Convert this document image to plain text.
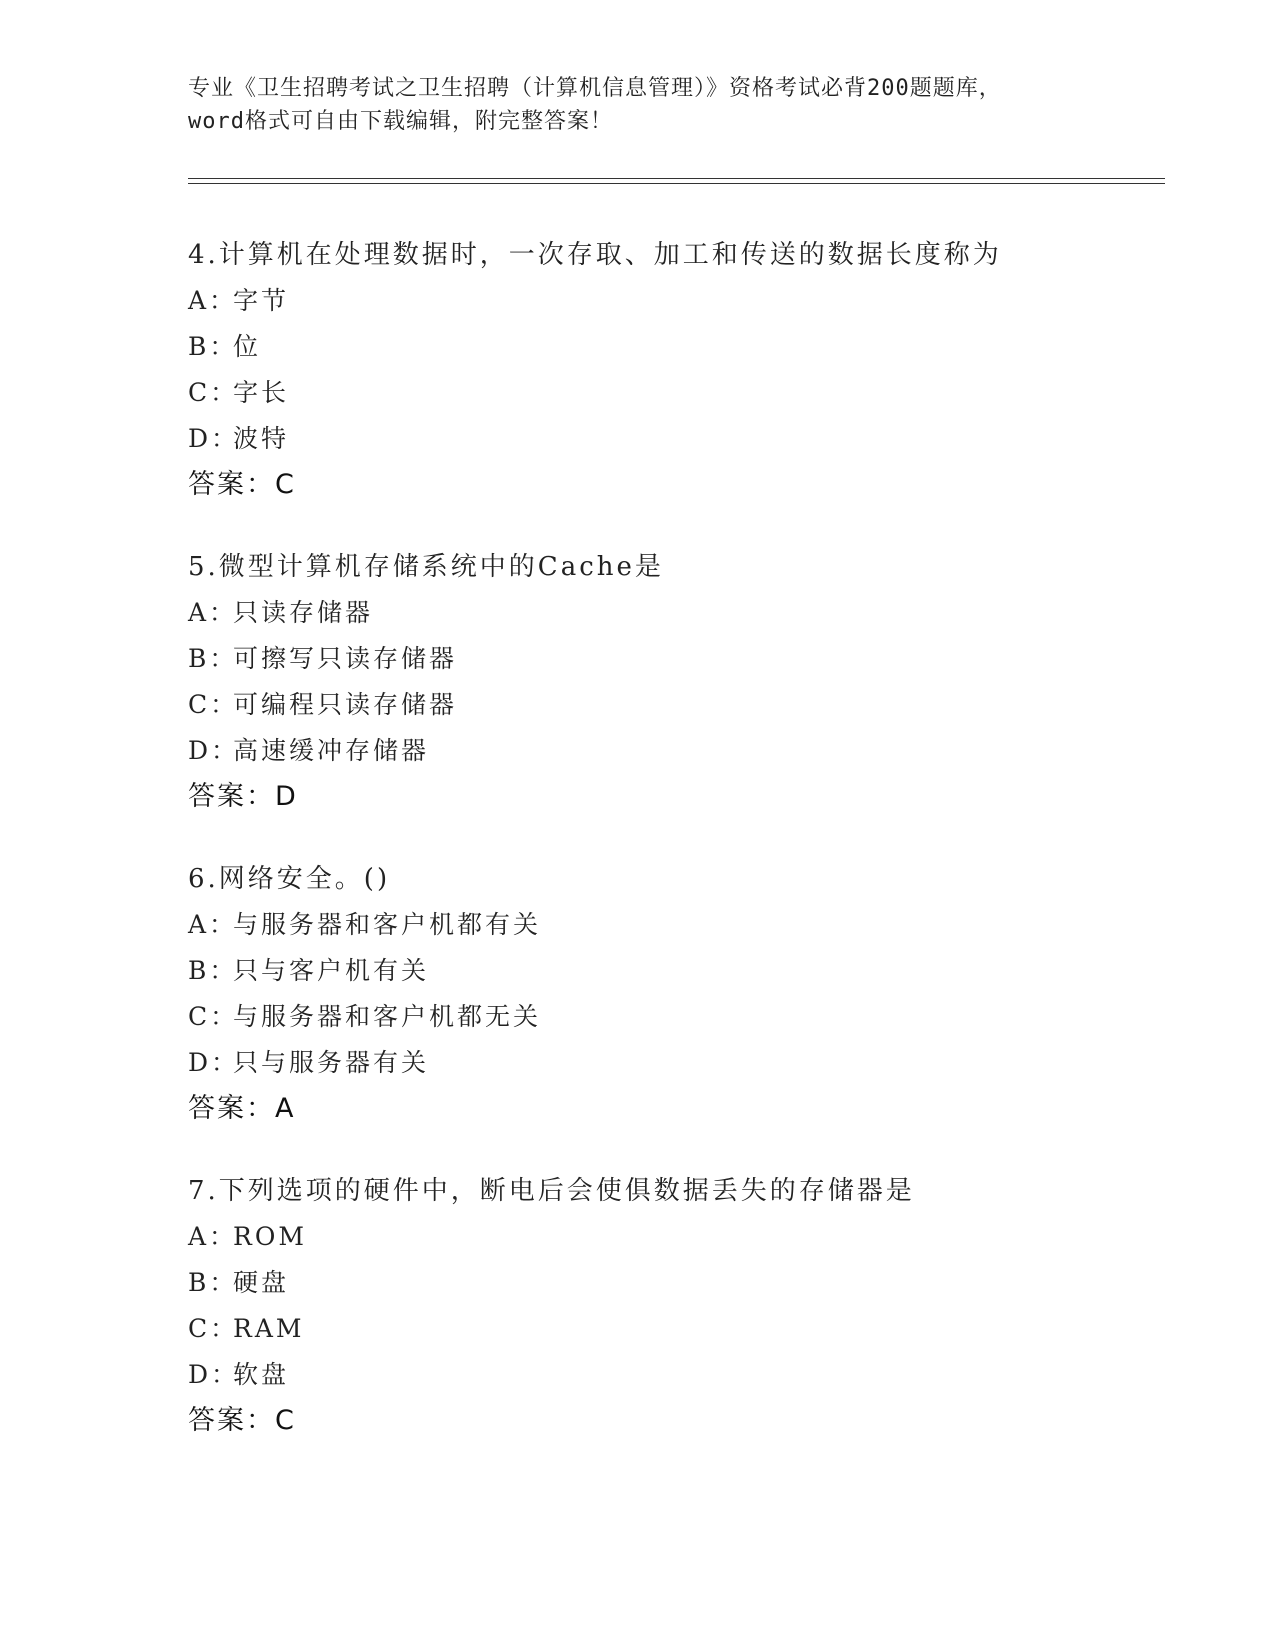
专业《卫生招聘考试之卫生招聘（计算机信息管理）》资格考试必背200题题库，
word格式可自由下载编辑，附完整答案！
4.计算机在处理数据时，一次存取、加工和传送的数据长度称为
A：字节
B：位
C：字长
D：波特
答案：C
5.微型计算机存储系统中的Cache是
A：只读存储器
B：可擦写只读存储器
C：可编程只读存储器
D：高速缓冲存储器
答案：D
6.网络安全。()
A：与服务器和客户机都有关
B：只与客户机有关
C：与服务器和客户机都无关
D：只与服务器有关
答案：A
7.下列选项的硬件中，断电后会使俱数据丢失的存储器是
A：ROM
B：硬盘
C：RAM
D：软盘
答案：C
